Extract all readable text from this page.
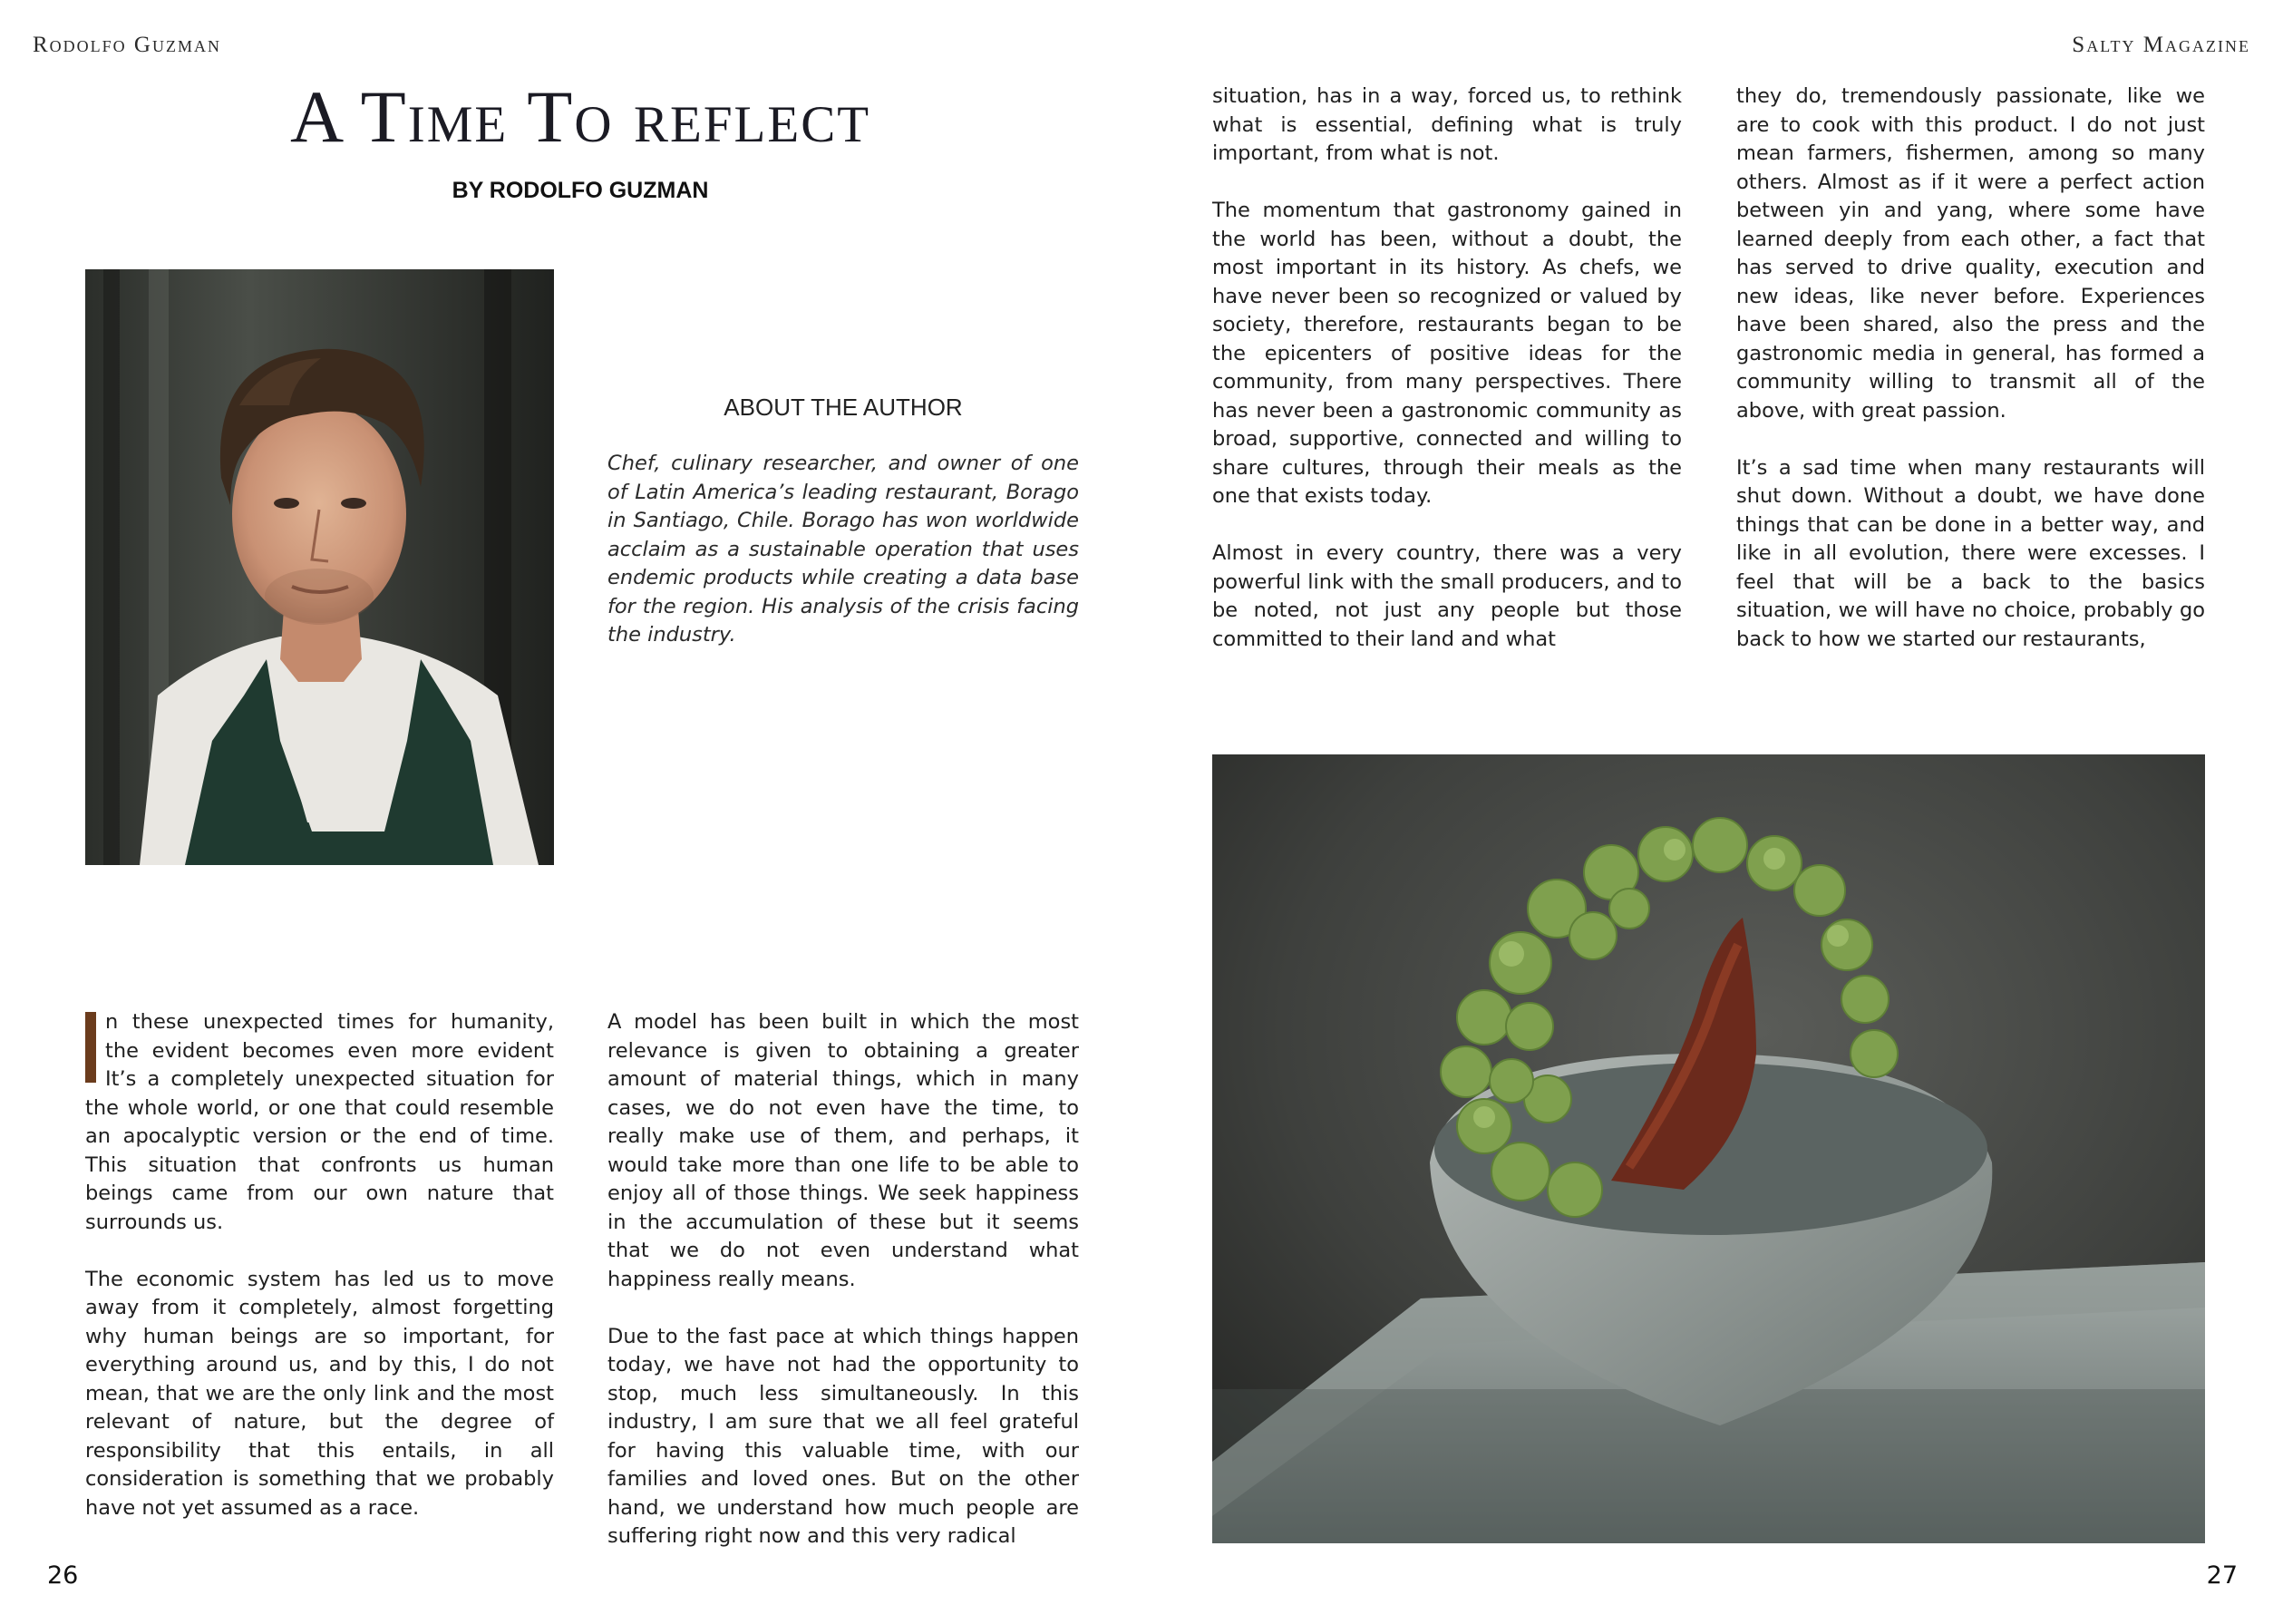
Rodolfo Guzman	Salty Magazine
A Time To reflect
BY RODOLFO GUZMAN
ABOUT THE AUTHOR
Chef, culinary researcher, and owner of one of Latin America’s leading restaurant, Borago in Santiago, Chile. Borago has won worldwide acclaim as a sustainable operation that uses endemic products while creating a data base for the region. His analysis of the crisis facing the industry.

n these unexpected times for humanity, the evident becomes even more evident It’s a completely unexpected situation for the whole world, or one that could resemble an apocalyptic version or the end of time. This situation that confronts us human beings came from our own nature that surrounds us.

The economic system has led us to move away from it completely, almost forgetting why human beings are so important, for everything around us, and by this, I do not mean, that we are the only link and the most relevant of nature, but the degree of responsibility that this entails, in all consideration is something that we probably have not yet assumed as a race.

A model has been built in which the most relevance is given to obtaining a greater amount of material things, which in many cases, we do not even have the time, to really make use of them, and perhaps, it would take more than one life to be able to enjoy all of those things. We seek happiness in the accumulation of these but it seems that we do not even understand what happiness really means.

Due to the fast pace at which things happen today, we have not had the opportunity to stop, much less simultaneously. In this industry, I am sure that we all feel grateful for having this valuable time, with our families and loved ones. But on the other hand, we understand how much people are suffering right now and this very radical

situation, has in a way, forced us, to rethink what is essential, defining what is truly important, from what is not.

The momentum that gastronomy gained in the world has been, without a doubt, the most important in its history. As chefs, we have never been so recognized or valued by society, therefore, restaurants began to be the epicenters of positive ideas for the community, from many perspectives. There has never been a gastronomic community as broad, supportive, connected and willing to share cultures, through their meals as the one that exists today.

Almost in every country, there was a very powerful link with the small producers, and to be noted, not just any people but those committed to their land and what

they do, tremendously passionate, like we are to cook with this product. I do not just mean farmers, fishermen, among so many others. Almost as if it were a perfect action between yin and yang, where some have learned deeply from each other, a fact that has served to drive quality, execution and new ideas, like never before. Experiences have been shared, also the press and the gastronomic media in general, has formed a community willing to transmit all of the above, with great passion.

It’s a sad time when many restaurants will shut down. Without a doubt, we have done things that can be done in a better way, and like in all evolution, there were excesses. I feel that will be a back to the basics situation, we will have no choice, probably go back to how we started our restaurants,

26	27
